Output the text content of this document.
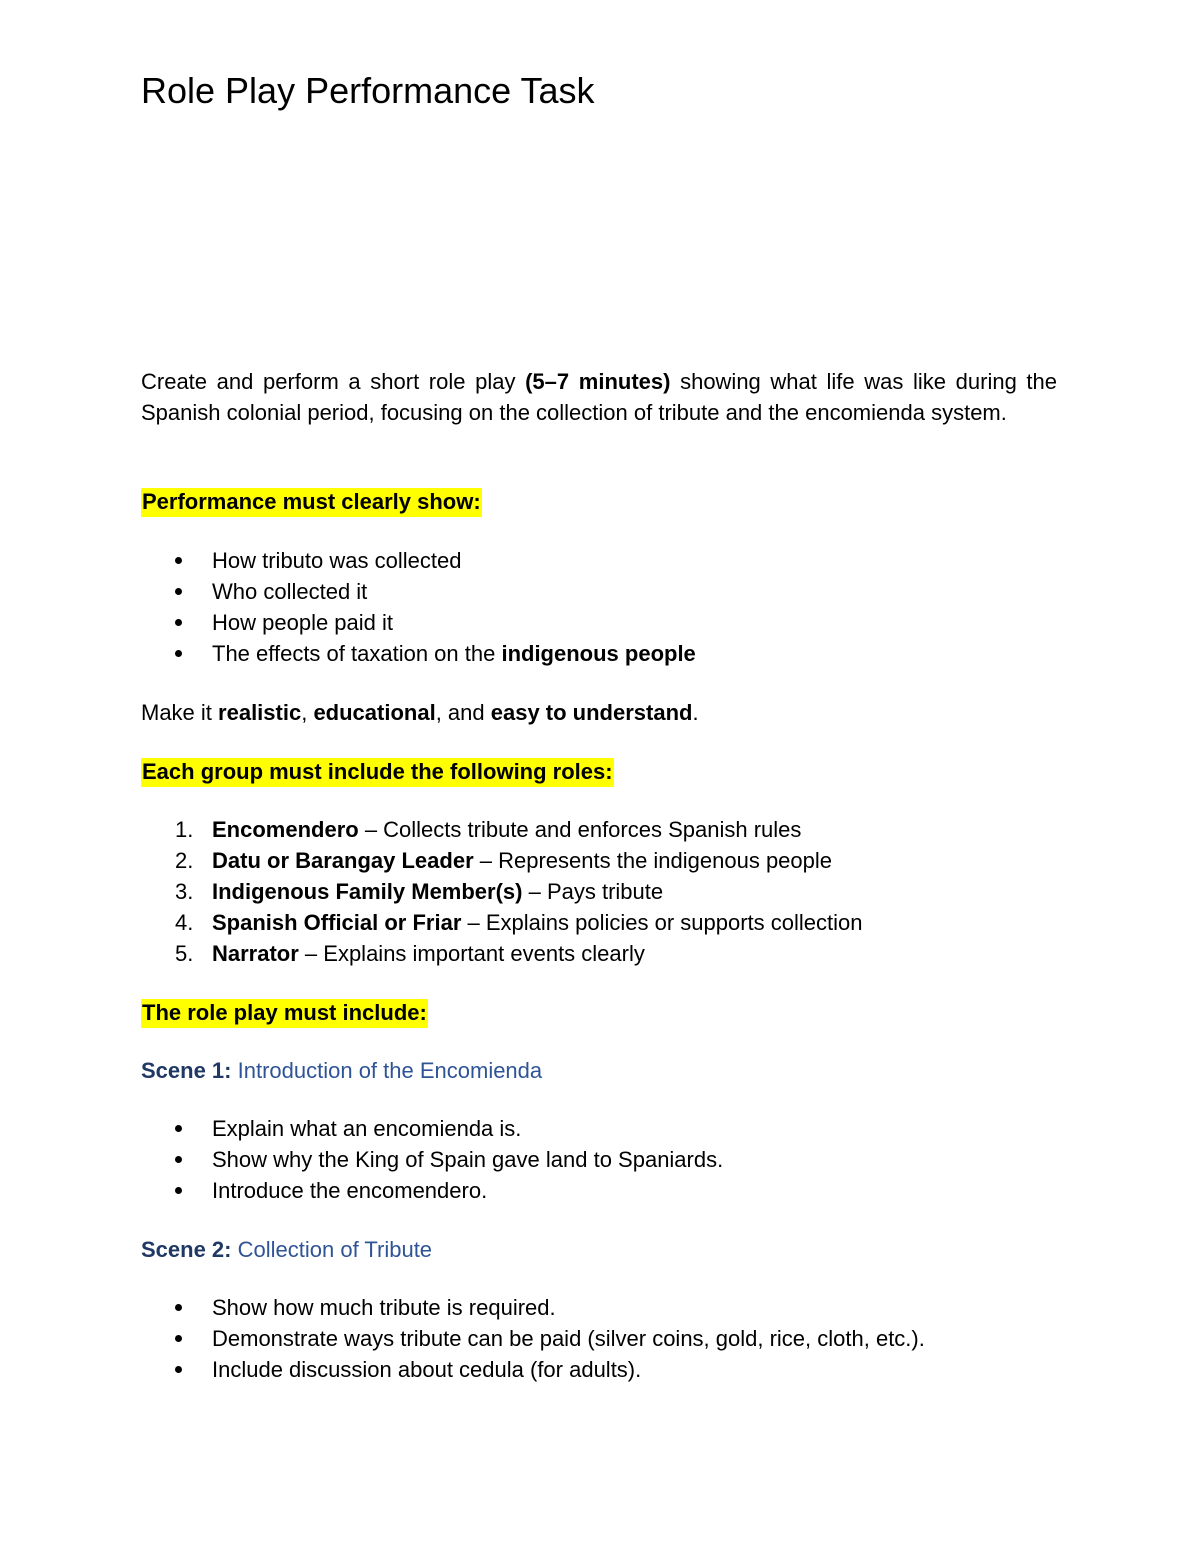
Role Play Performance Task

Create and perform a short role play (5–7 minutes) showing what life was like during the Spanish colonial period, focusing on the collection of tribute and the encomienda system.

Performance must clearly show:

How tributo was collected
Who collected it
How people paid it
The effects of taxation on the indigenous people

Make it realistic, educational, and easy to understand.

Each group must include the following roles:

1. Encomendero – Collects tribute and enforces Spanish rules
2. Datu or Barangay Leader – Represents the indigenous people
3. Indigenous Family Member(s) – Pays tribute
4. Spanish Official or Friar – Explains policies or supports collection
5. Narrator – Explains important events clearly

The role play must include:

Scene 1: Introduction of the Encomienda

Explain what an encomienda is.
Show why the King of Spain gave land to Spaniards.
Introduce the encomendero.

Scene 2: Collection of Tribute

Show how much tribute is required.
Demonstrate ways tribute can be paid (silver coins, gold, rice, cloth, etc.).
Include discussion about cedula (for adults).
